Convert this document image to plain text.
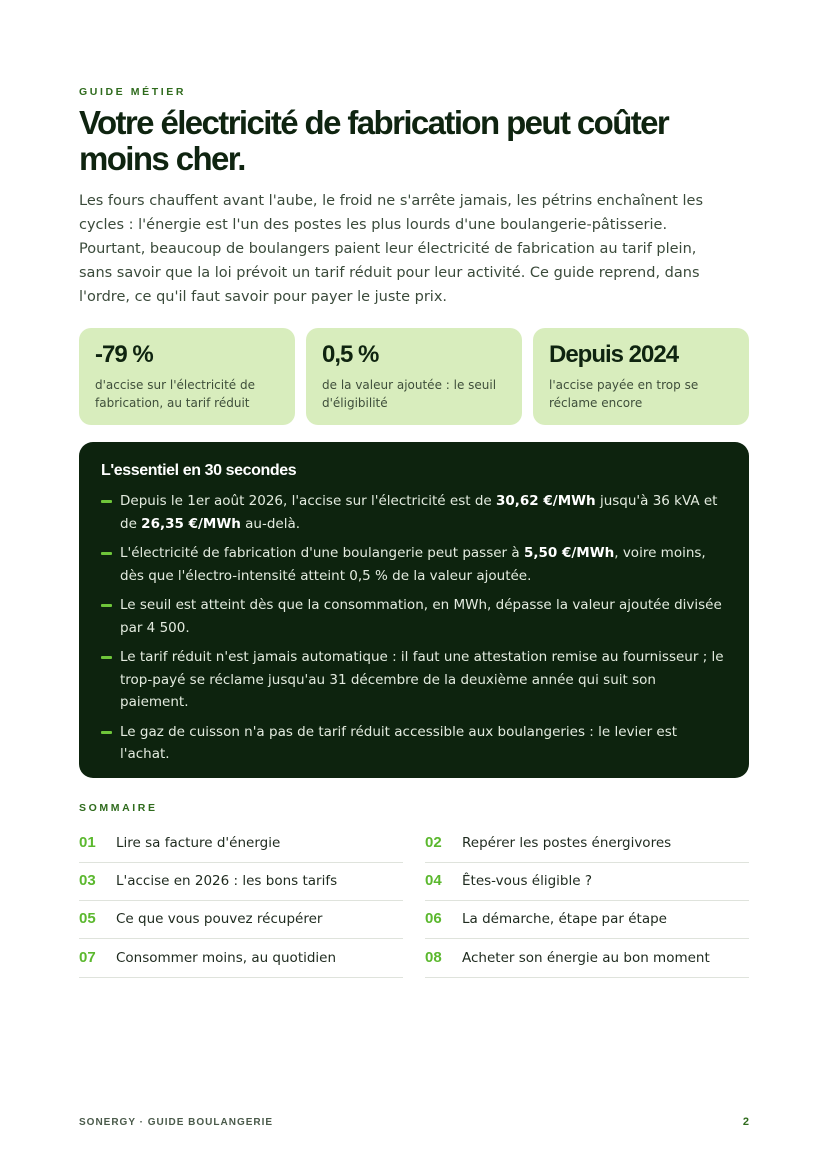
GUIDE MÉTIER
Votre électricité de fabrication peut coûter moins cher.

Les fours chauffent avant l'aube, le froid ne s'arrête jamais, les pétrins enchaînent les cycles : l'énergie est l'un des postes les plus lourds d'une boulangerie-pâtisserie. Pourtant, beaucoup de boulangers paient leur électricité de fabrication au tarif plein, sans savoir que la loi prévoit un tarif réduit pour leur activité. Ce guide reprend, dans l'ordre, ce qu'il faut savoir pour payer le juste prix.

-79 %
d'accise sur l'électricité de fabrication, au tarif réduit
0,5 %
de la valeur ajoutée : le seuil d'éligibilité
Depuis 2024
l'accise payée en trop se réclame encore
L'essentiel en 30 secondes
Depuis le 1er août 2026, l'accise sur l'électricité est de 30,62 €/MWh jusqu'à 36 kVA et de 26,35 €/MWh au-delà.
L'électricité de fabrication d'une boulangerie peut passer à 5,50 €/MWh, voire moins, dès que l'électro-intensité atteint 0,5 % de la valeur ajoutée.
Le seuil est atteint dès que la consommation, en MWh, dépasse la valeur ajoutée divisée par 4 500.
Le tarif réduit n'est jamais automatique : il faut une attestation remise au fournisseur ; le trop-payé se réclame jusqu'au 31 décembre de la deuxième année qui suit son paiement.
Le gaz de cuisson n'a pas de tarif réduit accessible aux boulangeries : le levier est l'achat.
SOMMAIRE
01 Lire sa facture d'énergie	02 Repérer les postes énergivores
03 L'accise en 2026 : les bons tarifs	04 Êtes-vous éligible ?
05 Ce que vous pouvez récupérer	06 La démarche, étape par étape
07 Consommer moins, au quotidien	08 Acheter son énergie au bon moment
SONERGY · GUIDE BOULANGERIE	2
